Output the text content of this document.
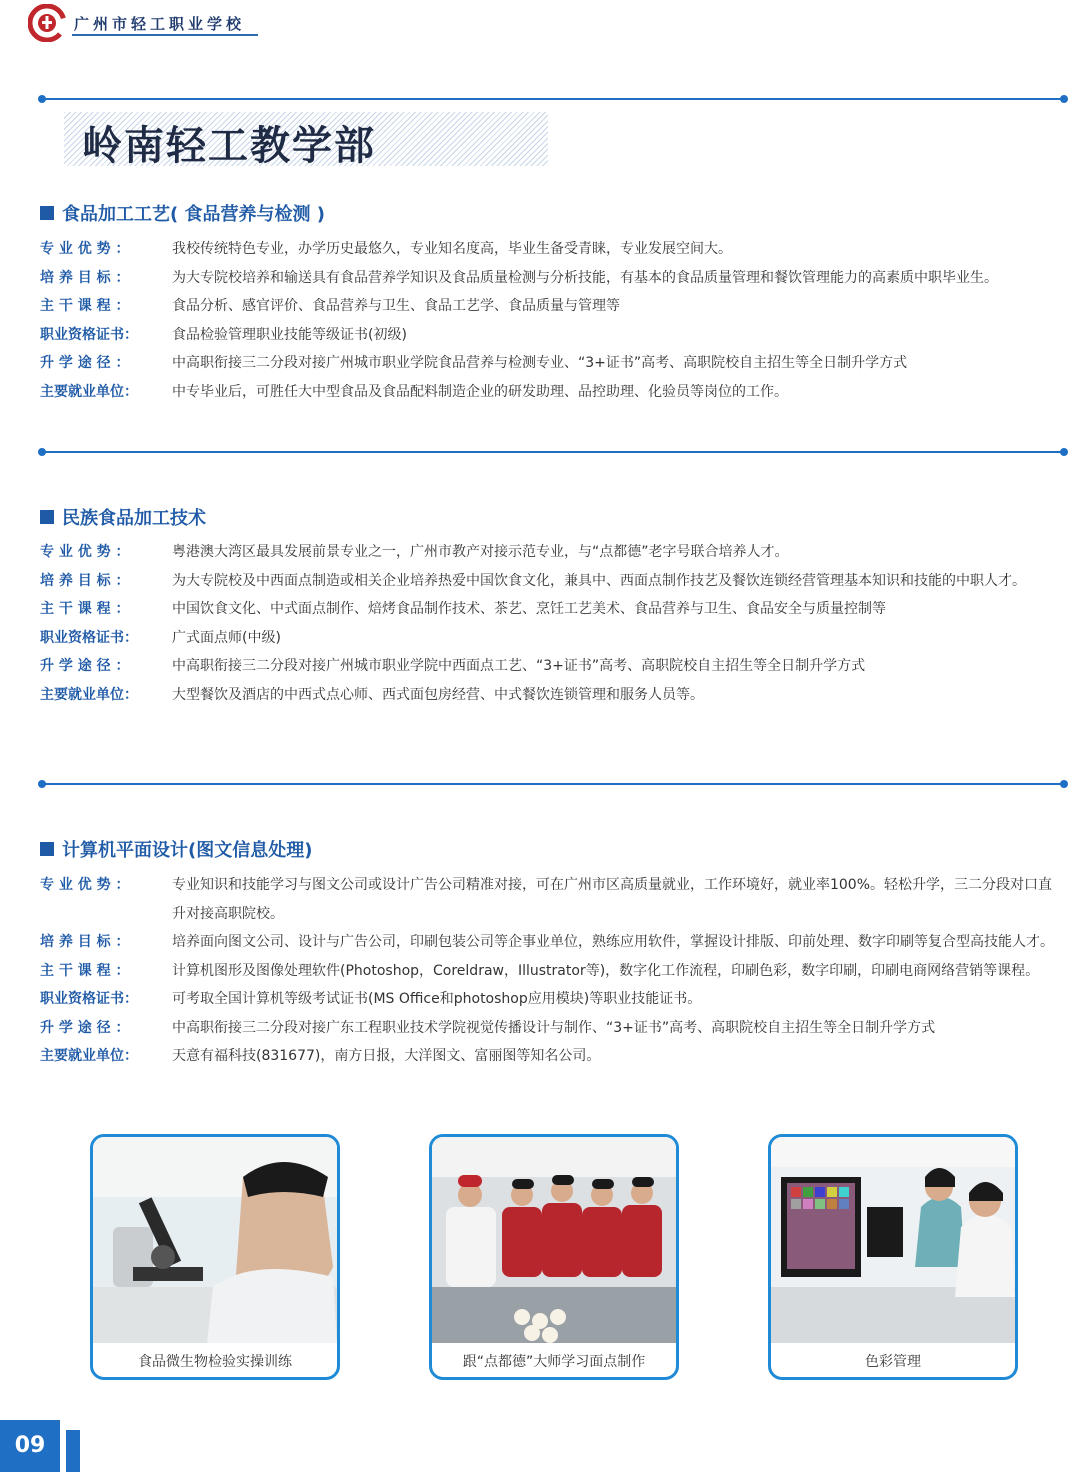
广州市轻工职业学校
岭南轻工教学部
食品加工工艺( 食品营养与检测 )
专 业 优 势 ：	我校传统特色专业，办学历史最悠久，专业知名度高，毕业生备受青睐，专业发展空间大。
培 养 目 标 ：	为大专院校培养和输送具有食品营养学知识及食品质量检测与分析技能，有基本的食品质量管理和餐饮管理能力的高素质中职毕业生。
主 干 课 程 ：	食品分析、感官评价、食品营养与卫生、食品工艺学、食品质量与管理等
职业资格证书：	食品检验管理职业技能等级证书(初级)
升 学 途 径 ：	中高职衔接三二分段对接广州城市职业学院食品营养与检测专业、“3+证书”高考、高职院校自主招生等全日制升学方式
主要就业单位：	中专毕业后，可胜任大中型食品及食品配料制造企业的研发助理、品控助理、化验员等岗位的工作。
民族食品加工技术
专 业 优 势 ：	粤港澳大湾区最具发展前景专业之一，广州市教产对接示范专业，与“点都德”老字号联合培养人才。
培 养 目 标 ：	为大专院校及中西面点制造或相关企业培养热爱中国饮食文化，兼具中、西面点制作技艺及餐饮连锁经营管理基本知识和技能的中职人才。
主 干 课 程 ：	中国饮食文化、中式面点制作、焙烤食品制作技术、茶艺、烹饪工艺美术、食品营养与卫生、食品安全与质量控制等
职业资格证书：	广式面点师(中级)
升 学 途 径 ：	中高职衔接三二分段对接广州城市职业学院中西面点工艺、“3+证书”高考、高职院校自主招生等全日制升学方式
主要就业单位：	大型餐饮及酒店的中西式点心师、西式面包房经营、中式餐饮连锁管理和服务人员等。
计算机平面设计(图文信息处理)
专 业 优 势 ：	专业知识和技能学习与图文公司或设计广告公司精准对接，可在广州市区高质量就业，工作环境好，就业率100%。轻松升学，三二分段对口直升对接高职院校。
培 养 目 标 ：	培养面向图文公司、设计与广告公司，印刷包装公司等企事业单位，熟练应用软件，掌握设计排版、印前处理、数字印刷等复合型高技能人才。
主 干 课 程 ：	计算机图形及图像处理软件(Photoshop，Coreldraw，Illustrator等)，数字化工作流程，印刷色彩，数字印刷，印刷电商网络营销等课程。
职业资格证书：	可考取全国计算机等级考试证书(MS Office和photoshop应用模块)等职业技能证书。
升 学 途 径 ：	中高职衔接三二分段对接广东工程职业技术学院视觉传播设计与制作、“3+证书”高考、高职院校自主招生等全日制升学方式
主要就业单位：	天意有福科技(831677)，南方日报，大洋图文、富丽图等知名公司。
食品微生物检验实操训练	跟“点都德”大师学习面点制作	色彩管理
09
